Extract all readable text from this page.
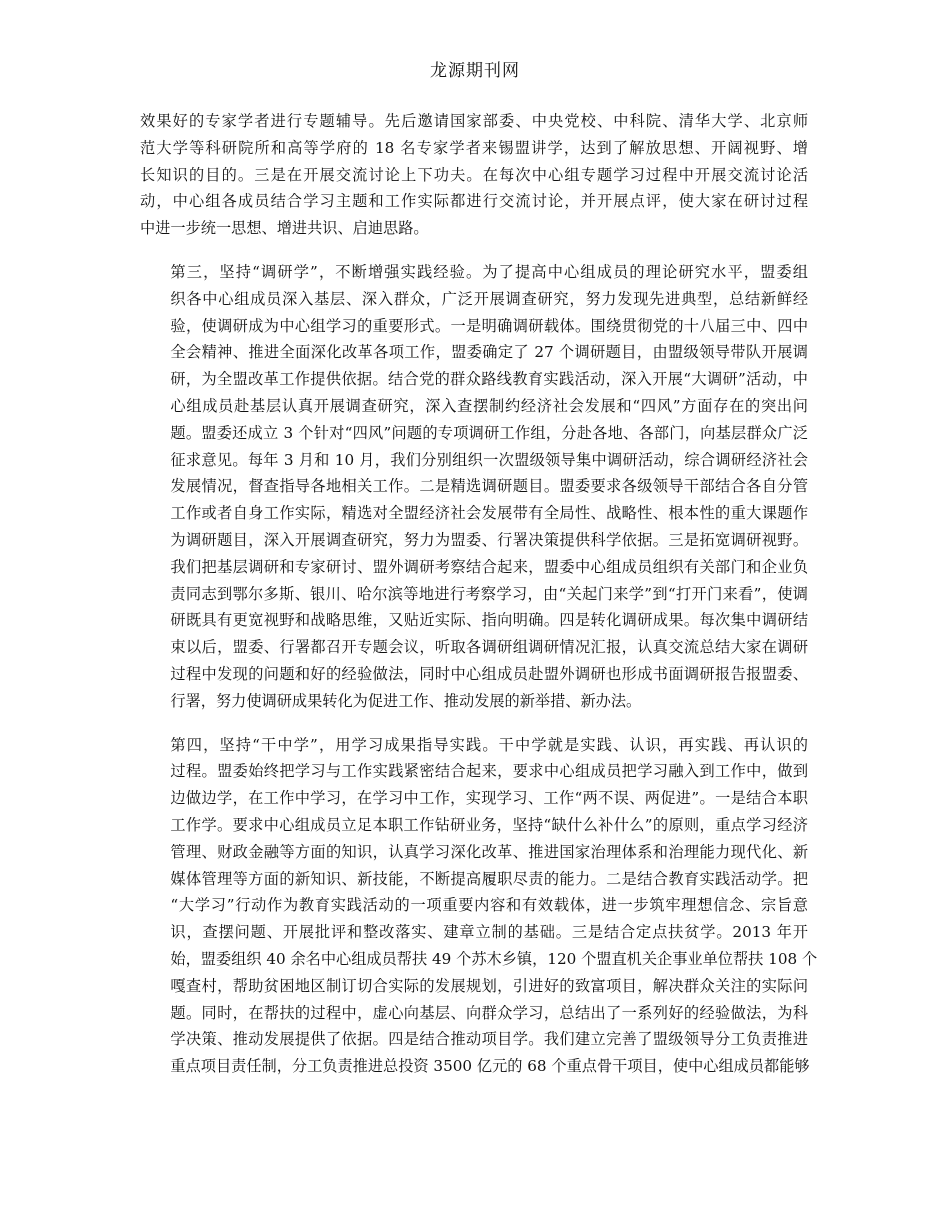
龙源期刊网

效果好的专家学者进行专题辅导。先后邀请国家部委、中央党校、中科院、清华大学、北京师
范大学等科研院所和高等学府的 18 名专家学者来锡盟讲学，达到了解放思想、开阔视野、增
长知识的目的。三是在开展交流讨论上下功夫。在每次中心组专题学习过程中开展交流讨论活
动，中心组各成员结合学习主题和工作实际都进行交流讨论，并开展点评，使大家在研讨过程
中进一步统一思想、增进共识、启迪思路。

第三，坚持“调研学”，不断增强实践经验。为了提高中心组成员的理论研究水平，盟委组
织各中心组成员深入基层、深入群众，广泛开展调查研究，努力发现先进典型，总结新鲜经
验，使调研成为中心组学习的重要形式。一是明确调研载体。围绕贯彻党的十八届三中、四中
全会精神、推进全面深化改革各项工作，盟委确定了 27 个调研题目，由盟级领导带队开展调
研，为全盟改革工作提供依据。结合党的群众路线教育实践活动，深入开展“大调研”活动，中
心组成员赴基层认真开展调查研究，深入查摆制约经济社会发展和“四风”方面存在的突出问
题。盟委还成立 3 个针对“四风”问题的专项调研工作组，分赴各地、各部门，向基层群众广泛
征求意见。每年 3 月和 10 月，我们分别组织一次盟级领导集中调研活动，综合调研经济社会
发展情况，督查指导各地相关工作。二是精选调研题目。盟委要求各级领导干部结合各自分管
工作或者自身工作实际，精选对全盟经济社会发展带有全局性、战略性、根本性的重大课题作
为调研题目，深入开展调查研究，努力为盟委、行署决策提供科学依据。三是拓宽调研视野。
我们把基层调研和专家研讨、盟外调研考察结合起来，盟委中心组成员组织有关部门和企业负
责同志到鄂尔多斯、银川、哈尔滨等地进行考察学习，由“关起门来学”到“打开门来看”，使调
研既具有更宽视野和战略思维，又贴近实际、指向明确。四是转化调研成果。每次集中调研结
束以后，盟委、行署都召开专题会议，听取各调研组调研情况汇报，认真交流总结大家在调研
过程中发现的问题和好的经验做法，同时中心组成员赴盟外调研也形成书面调研报告报盟委、
行署，努力使调研成果转化为促进工作、推动发展的新举措、新办法。

第四，坚持“干中学”，用学习成果指导实践。干中学就是实践、认识，再实践、再认识的
过程。盟委始终把学习与工作实践紧密结合起来，要求中心组成员把学习融入到工作中，做到
边做边学，在工作中学习，在学习中工作，实现学习、工作“两不误、两促进”。一是结合本职
工作学。要求中心组成员立足本职工作钻研业务，坚持“缺什么补什么”的原则，重点学习经济
管理、财政金融等方面的知识，认真学习深化改革、推进国家治理体系和治理能力现代化、新
媒体管理等方面的新知识、新技能，不断提高履职尽责的能力。二是结合教育实践活动学。把
“大学习”行动作为教育实践活动的一项重要内容和有效载体，进一步筑牢理想信念、宗旨意
识，查摆问题、开展批评和整改落实、建章立制的基础。三是结合定点扶贫学。2013 年开
始，盟委组织 40 余名中心组成员帮扶 49 个苏木乡镇，120 个盟直机关企事业单位帮扶 108 个
嘎查村，帮助贫困地区制订切合实际的发展规划，引进好的致富项目，解决群众关注的实际问
题。同时，在帮扶的过程中，虚心向基层、向群众学习，总结出了一系列好的经验做法，为科
学决策、推动发展提供了依据。四是结合推动项目学。我们建立完善了盟级领导分工负责推进
重点项目责任制，分工负责推进总投资 3500 亿元的 68 个重点骨干项目，使中心组成员都能够
